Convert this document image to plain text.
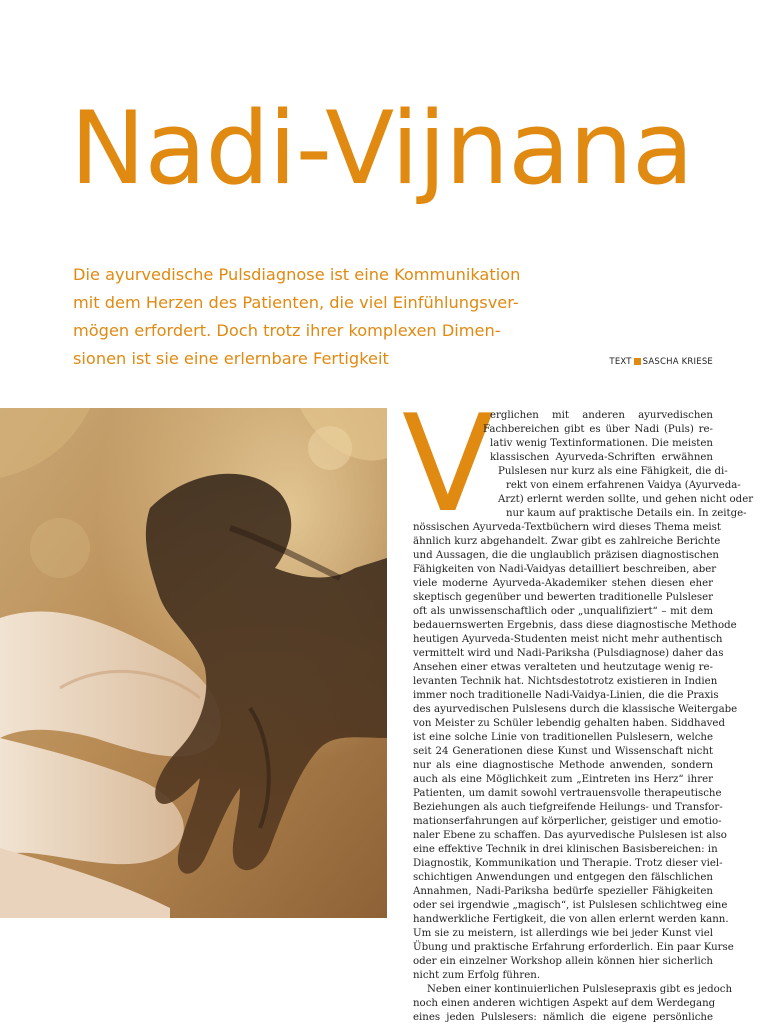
Nadi-Vijnana
Die ayurvedische Pulsdiagnose ist eine Kommunikation
mit dem Herzen des Patienten, die viel Einfühlungsver-
mögen erfordert. Doch trotz ihrer komplexen Dimen-
sionen ist sie eine erlernbare Fertigkeit	TEXT SASCHA KRIESE
V
erglichen mit anderen ayurvedischen
Fachbereichen gibt es über Nadi (Puls) re-
lativ wenig Textinformationen. Die meisten
klassischen Ayurveda-Schriften erwähnen
Pulslesen nur kurz als eine Fähigkeit, die di-
rekt von einem erfahrenen Vaidya (Ayurveda-
Arzt) erlernt werden sollte, und gehen nicht oder
nur kaum auf praktische Details ein. In zeitge-
nössischen Ayurveda-Textbüchern wird dieses Thema meist
ähnlich kurz abgehandelt. Zwar gibt es zahlreiche Berichte
und Aussagen, die die unglaublich präzisen diagnostischen
Fähigkeiten von Nadi-Vaidyas detailliert beschreiben, aber
viele moderne Ayurveda-Akademiker stehen diesen eher
skeptisch gegenüber und bewerten traditionelle Pulsleser
oft als unwissenschaftlich oder „unqualifiziert“ – mit dem
bedauernswerten Ergebnis, dass diese diagnostische Methode
heutigen Ayurveda-Studenten meist nicht mehr authentisch
vermittelt wird und Nadi-Pariksha (Pulsdiagnose) daher das
Ansehen einer etwas veralteten und heutzutage wenig re-
levanten Technik hat. Nichtsdestotrotz existieren in Indien
immer noch traditionelle Nadi-Vaidya-Linien, die die Praxis
des ayurvedischen Pulslesens durch die klassische Weitergabe
von Meister zu Schüler lebendig gehalten haben. Siddhaved
ist eine solche Linie von traditionellen Pulslesern, welche
seit 24 Generationen diese Kunst und Wissenschaft nicht
nur als eine diagnostische Methode anwenden, sondern
auch als eine Möglichkeit zum „Eintreten ins Herz“ ihrer
Patienten, um damit sowohl vertrauensvolle therapeutische
Beziehungen als auch tiefgreifende Heilungs- und Transfor-
mationserfahrungen auf körperlicher, geistiger und emotio-
naler Ebene zu schaffen. Das ayurvedische Pulslesen ist also
eine effektive Technik in drei klinischen Basisbereichen: in
Diagnostik, Kommunikation und Therapie. Trotz dieser viel-
schichtigen Anwendungen und entgegen den fälschlichen
Annahmen, Nadi-Pariksha bedürfe spezieller Fähigkeiten
oder sei irgendwie „magisch“, ist Pulslesen schlichtweg eine
handwerkliche Fertigkeit, die von allen erlernt werden kann.
Um sie zu meistern, ist allerdings wie bei jeder Kunst viel
Übung und praktische Erfahrung erforderlich. Ein paar Kurse
oder ein einzelner Workshop allein können hier sicherlich
nicht zum Erfolg führen.
Neben einer kontinuierlichen Pulslesepraxis gibt es jedoch
noch einen anderen wichtigen Aspekt auf dem Werdegang
eines jeden Pulslesers: nämlich die eigene persönliche
